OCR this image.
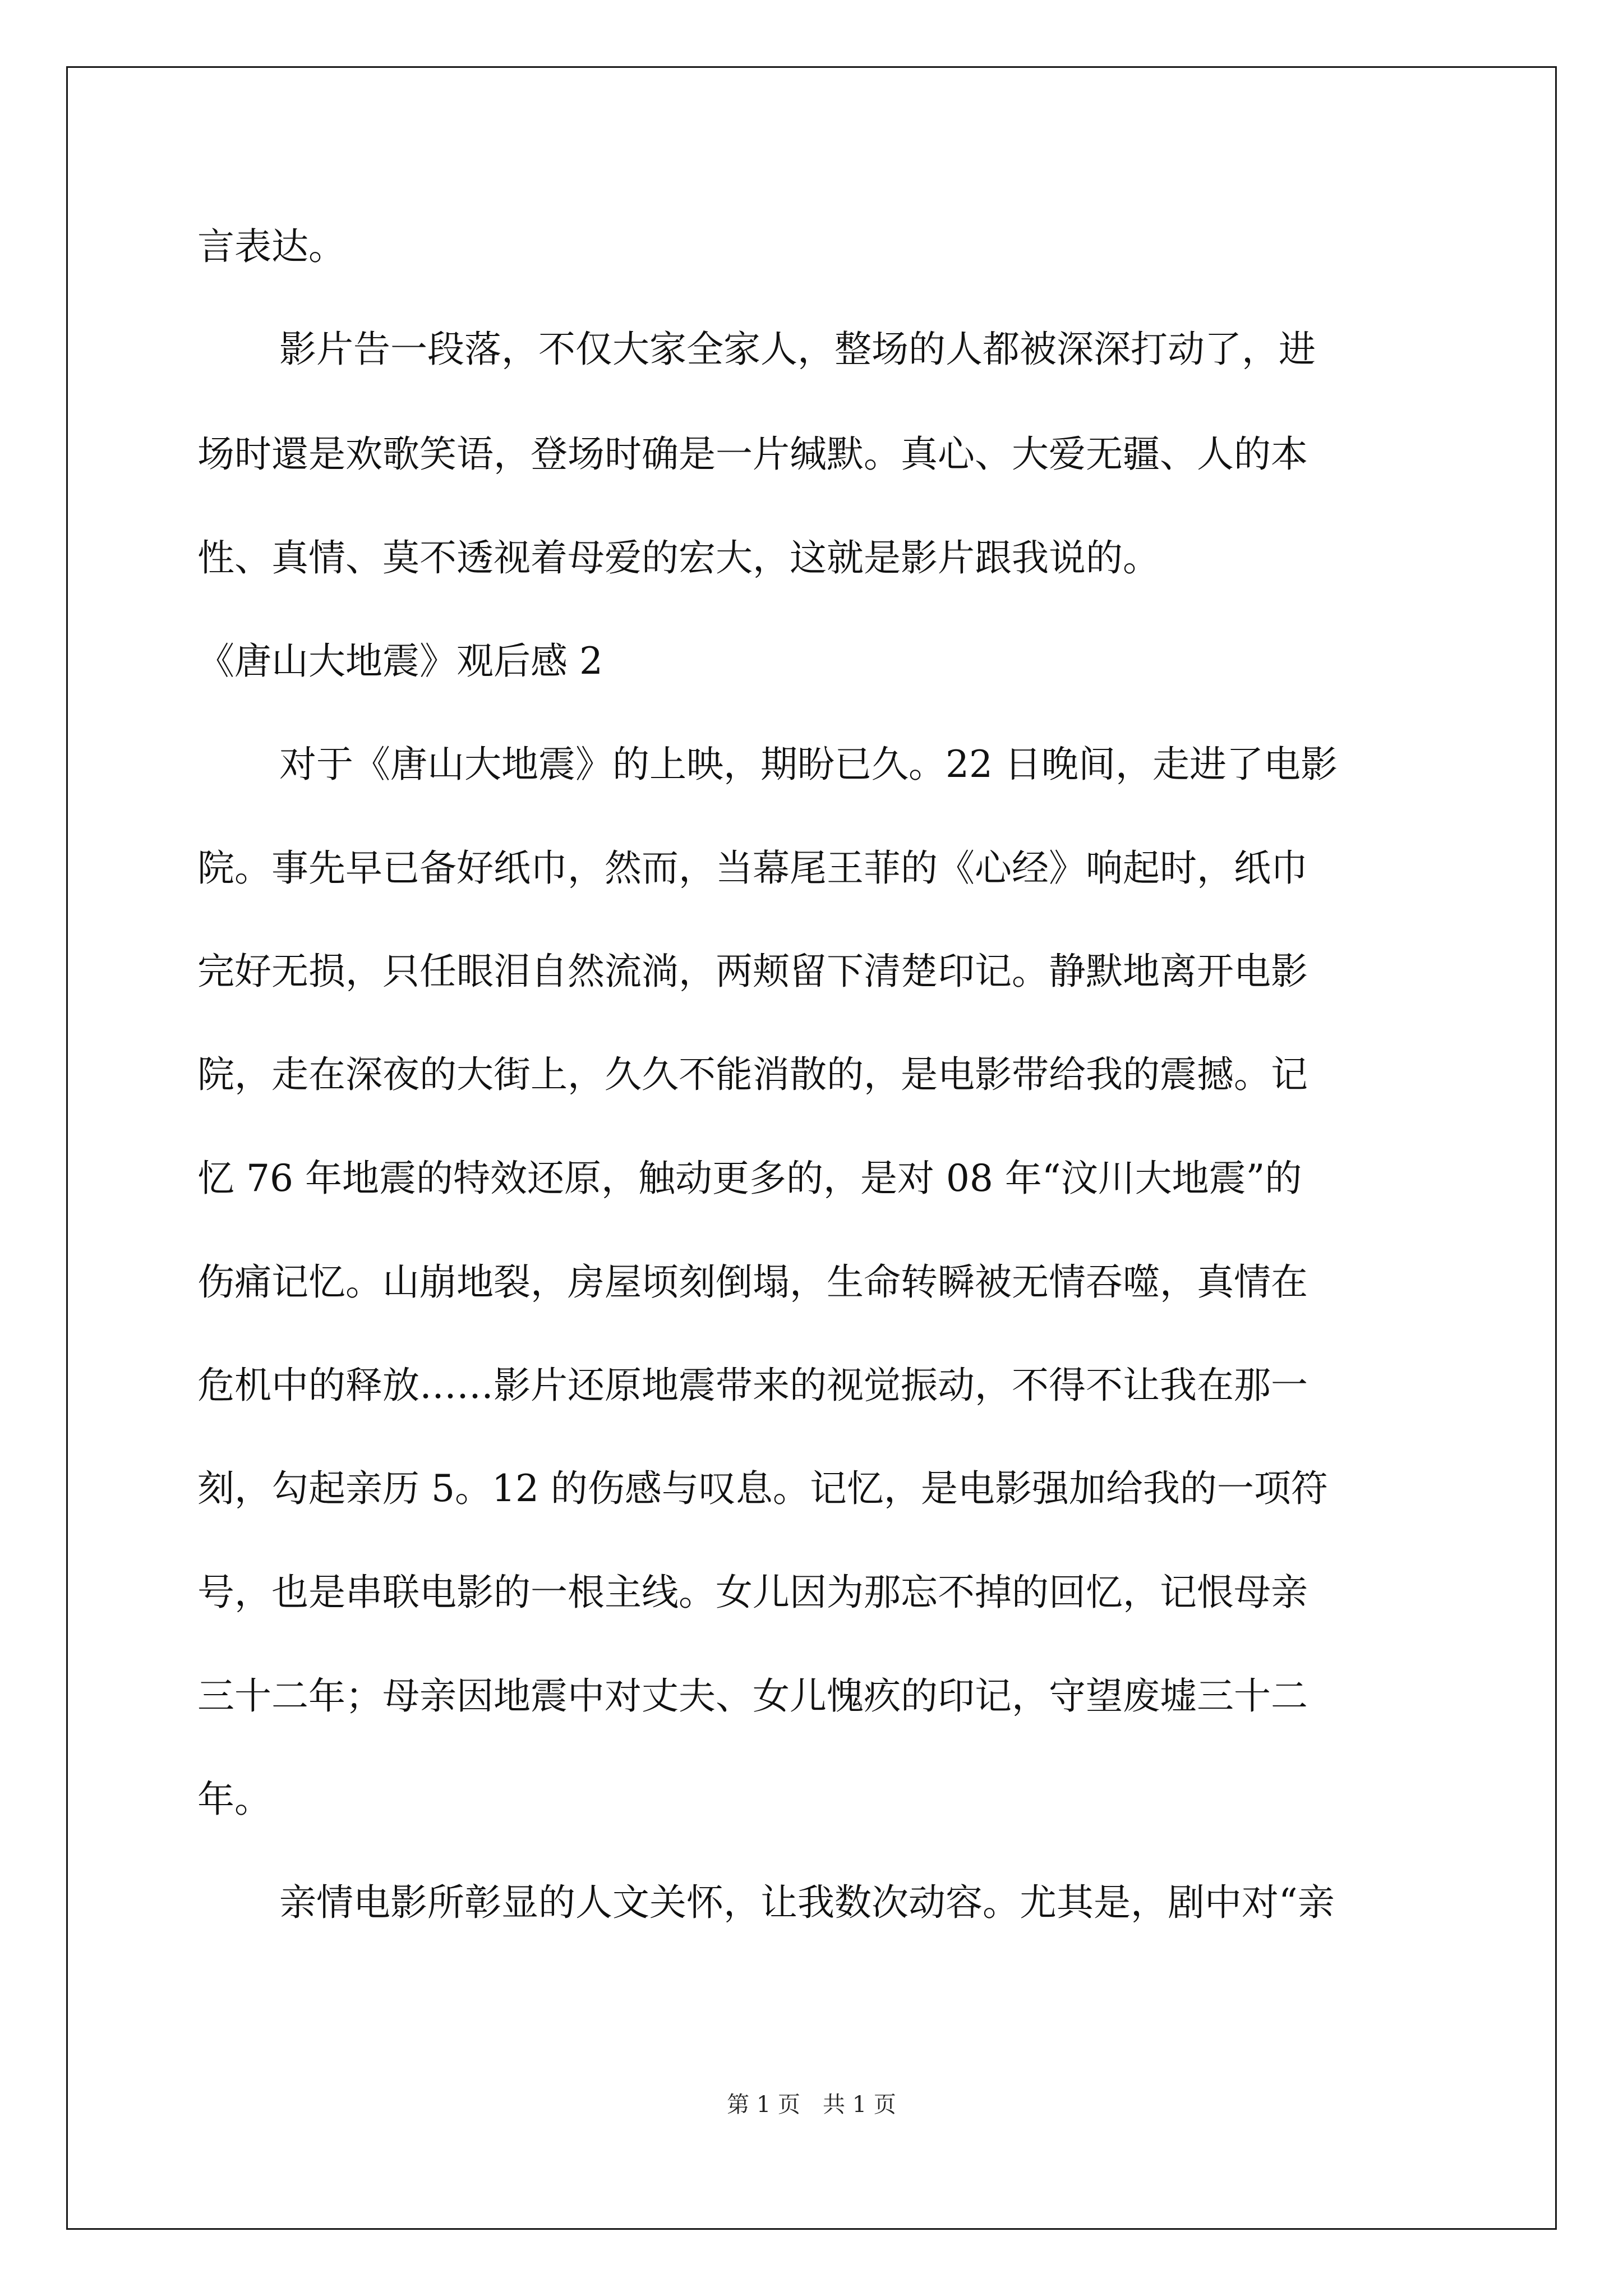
言表达。
影片告一段落，不仅大家全家人，整场的人都被深深打动了，进
场时還是欢歌笑语，登场时确是一片缄默。真心、大爱无疆、人的本
性、真情、莫不透视着母爱的宏大，这就是影片跟我说的。
《唐山大地震》观后感 2
对于《唐山大地震》的上映，期盼已久。22 日晚间，走进了电影
院。事先早已备好纸巾，然而，当幕尾王菲的《心经》响起时，纸巾
完好无损，只任眼泪自然流淌，两颊留下清楚印记。静默地离开电影
院，走在深夜的大街上，久久不能消散的，是电影带给我的震撼。记
忆 76 年地震的特效还原，触动更多的，是对 08 年“汶川大地震”的
伤痛记忆。山崩地裂，房屋顷刻倒塌，生命转瞬被无情吞噬，真情在
危机中的释放……影片还原地震带来的视觉振动，不得不让我在那一
刻，勾起亲历 5。12 的伤感与叹息。记忆，是电影强加给我的一项符
号，也是串联电影的一根主线。女儿因为那忘不掉的回忆，记恨母亲
三十二年；母亲因地震中对丈夫、女儿愧疚的印记，守望废墟三十二
年。
亲情电影所彰显的人文关怀，让我数次动容。尤其是，剧中对“亲
第 1 页　共 1 页
